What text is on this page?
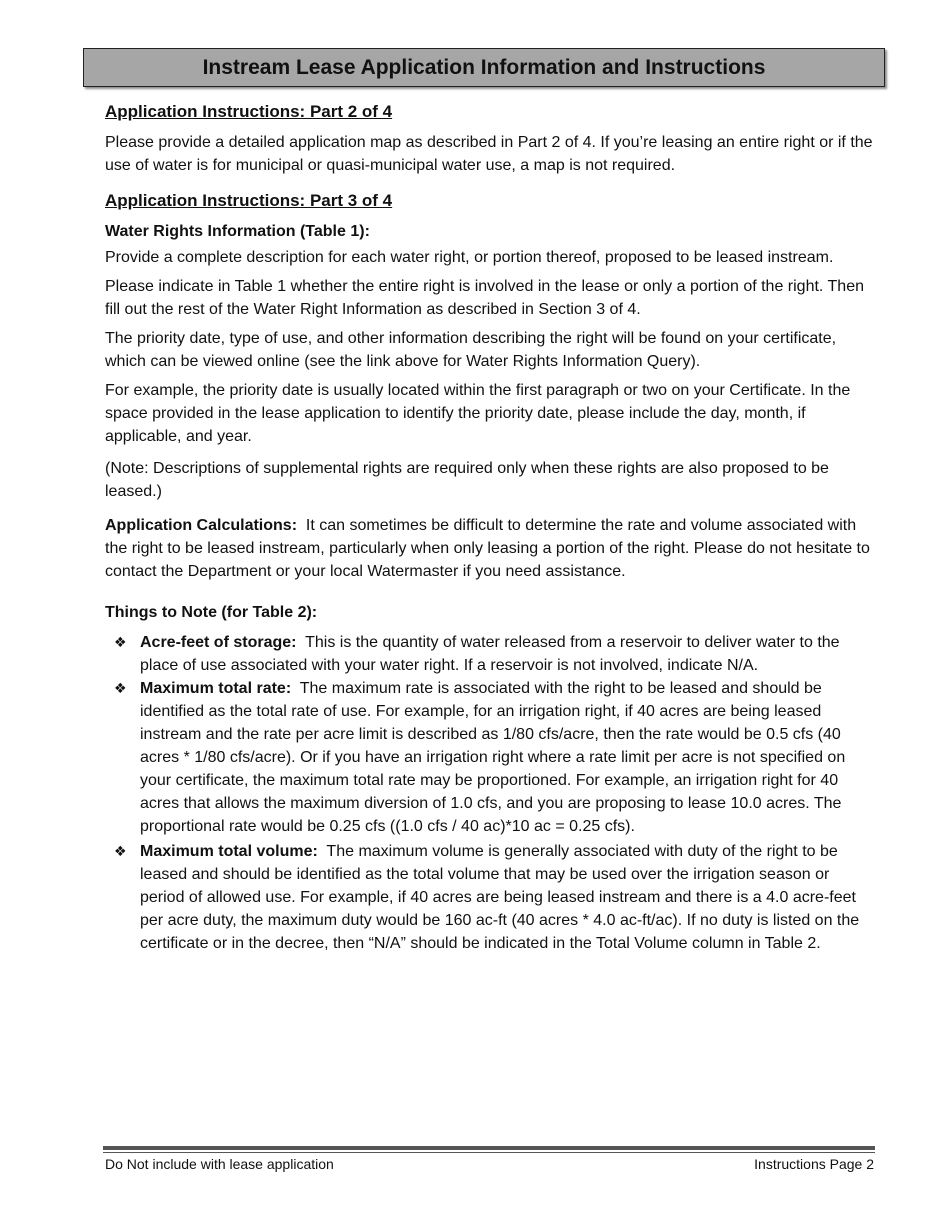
Instream Lease Application Information and Instructions

Application Instructions: Part 2 of 4

Please provide a detailed application map as described in Part 2 of 4. If you’re leasing an entire right or if the use of water is for municipal or quasi-municipal water use, a map is not required.

Application Instructions: Part 3 of 4

Water Rights Information (Table 1):

Provide a complete description for each water right, or portion thereof, proposed to be leased instream.

Please indicate in Table 1 whether the entire right is involved in the lease or only a portion of the right. Then fill out the rest of the Water Right Information as described in Section 3 of 4.

The priority date, type of use, and other information describing the right will be found on your certificate, which can be viewed online (see the link above for Water Rights Information Query).

For example, the priority date is usually located within the first paragraph or two on your Certificate. In the space provided in the lease application to identify the priority date, please include the day, month, if applicable, and year.

(Note: Descriptions of supplemental rights are required only when these rights are also proposed to be leased.)

Application Calculations: It can sometimes be difficult to determine the rate and volume associated with the right to be leased instream, particularly when only leasing a portion of the right. Please do not hesitate to contact the Department or your local Watermaster if you need assistance.

Things to Note (for Table 2):

❖ Acre-feet of storage: This is the quantity of water released from a reservoir to deliver water to the place of use associated with your water right. If a reservoir is not involved, indicate N/A.
❖ Maximum total rate: The maximum rate is associated with the right to be leased and should be identified as the total rate of use. For example, for an irrigation right, if 40 acres are being leased instream and the rate per acre limit is described as 1/80 cfs/acre, then the rate would be 0.5 cfs (40 acres * 1/80 cfs/acre). Or if you have an irrigation right where a rate limit per acre is not specified on your certificate, the maximum total rate may be proportioned. For example, an irrigation right for 40 acres that allows the maximum diversion of 1.0 cfs, and you are proposing to lease 10.0 acres. The proportional rate would be 0.25 cfs ((1.0 cfs / 40 ac)*10 ac = 0.25 cfs).
❖ Maximum total volume: The maximum volume is generally associated with duty of the right to be leased and should be identified as the total volume that may be used over the irrigation season or period of allowed use. For example, if 40 acres are being leased instream and there is a 4.0 acre-feet per acre duty, the maximum duty would be 160 ac-ft (40 acres * 4.0 ac-ft/ac). If no duty is listed on the certificate or in the decree, then “N/A” should be indicated in the Total Volume column in Table 2.
Do Not include with lease application	Instructions Page 2
